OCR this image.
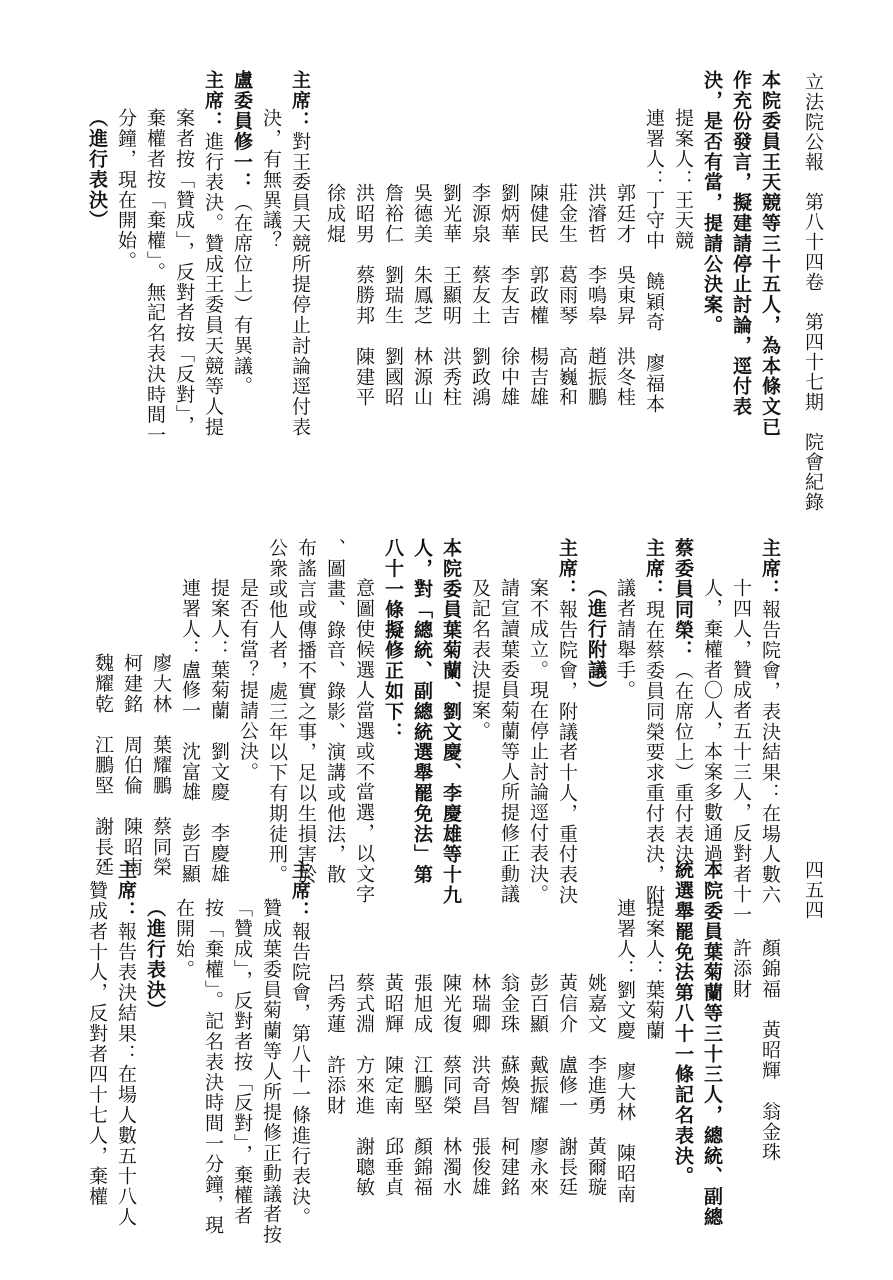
立法院公報　第八十四卷　第四十七期　院會紀錄
四五四
本院委員王天競等三十五人，為本條文已
作充份發言，擬建請停止討論，逕付表
決，是否有當，提請公決案。
提案人：王天競
連署人：丁守中　饒穎奇　廖福本
郭廷才　吳東昇　洪冬桂
洪濬哲　李鳴皋　趙振鵬
莊金生　葛雨琴　高巍和
陳健民　郭政權　楊吉雄
劉炳華　李友吉　徐中雄
李源泉　蔡友土　劉政鴻
劉光華　王顯明　洪秀柱
吳德美　朱鳳芝　林源山
詹裕仁　劉瑞生　劉國昭
洪昭男　蔡勝邦　陳建平
徐成焜
主席：對王委員天競所提停止討論逕付表
決，有無異議？
盧委員修一：（在席位上）有異議。
主席：進行表決。贊成王委員天競等人提
案者按「贊成」，反對者按「反對」，
棄權者按「棄權」。無記名表決時間一
分鐘，現在開始。
（進行表決）
主席：報告院會，表決結果：在場人數六
十四人，贊成者五十三人，反對者十一
人，棄權者〇人，本案多數通過。
蔡委員同榮：（在席位上）重付表決。
主席：現在蔡委員同榮要求重付表決，附
議者請舉手。
（進行附議）
主席：報告院會，附議者十人，重付表決
案不成立。現在停止討論逕付表決。
請宣讀葉委員菊蘭等人所提修正動議
及記名表決提案。
本院委員葉菊蘭、劉文慶、李慶雄等十九
人，對「總統、副總統選舉罷免法」第
八十一條擬修正如下：
意圖使候選人當選或不當選，以文字
、圖畫、錄音、錄影、演講或他法，散
布謠言或傳播不實之事，足以生損害於
公衆或他人者，處三年以下有期徒刑。
是否有當？提請公決。
提案人：葉菊蘭　劉文慶　李慶雄
連署人：盧修一　沈富雄　彭百顯
廖大林　葉耀鵬　蔡同榮
柯建銘　周伯倫　陳昭南
魏耀乾　江鵬堅　謝長廷
顏錦福　黃昭輝　翁金珠
許添財
本院委員葉菊蘭等三十三人，總統、副總
統選舉罷免法第八十一條記名表決。
提案人：葉菊蘭
連署人：劉文慶　廖大林　陳昭南
姚嘉文　李進勇　黃爾璇
黃信介　盧修一　謝長廷
彭百顯　戴振耀　廖永來
翁金珠　蘇煥智　柯建銘
林瑞卿　洪奇昌　張俊雄
陳光復　蔡同榮　林濁水
張旭成　江鵬堅　顏錦福
黃昭輝　陳定南　邱垂貞
蔡式淵　方來進　謝聰敏
呂秀蓮　許添財
主席：報告院會，第八十一條進行表決。
贊成葉委員菊蘭等人所提修正動議者按
「贊成」，反對者按「反對」，棄權者
按「棄權」。記名表決時間一分鐘，現
在開始。
（進行表決）
主席：報告表決結果：在場人數五十八人
，贊成者十人，反對者四十七人，棄權
